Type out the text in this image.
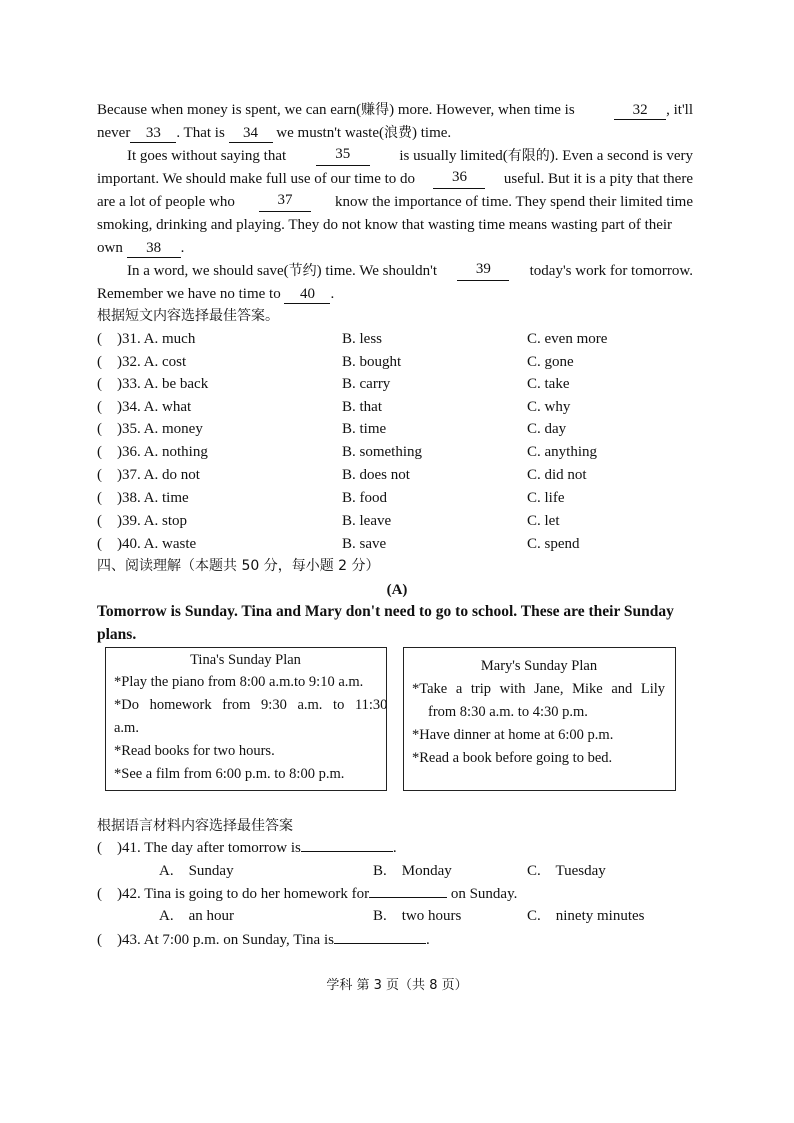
Because when money is spent, we can earn(赚得) more. However, when time is	32 , it'll
never 33 . That is 34 we mustn't waste(浪费) time.
It goes without saying that	35	is usually limited(有限的). Even a second is very
important. We should make full use of our time to do	36	useful. But it is a pity that there
are a lot of people who	37	know the importance of time. They spend their limited time
smoking, drinking and playing. They do not know that wasting time means wasting part of their
own 38 .
In a word, we should save(节约) time. We shouldn't	39	today's work for tomorrow.
Remember we have no time to 40 .
根据短文内容选择最佳答案。
(    )31. A. much	B. less	C. even more
(    )32. A. cost	B. bought	C. gone
(    )33. A. be back	B. carry	C. take
(    )34. A. what	B. that	C. why
(    )35. A. money	B. time	C. day
(    )36. A. nothing	B. something	C. anything
(    )37. A. do not	B. does not	C. did not
(    )38. A. time	B. food	C. life
(    )39. A. stop	B. leave	C. let
(    )40. A. waste	B. save	C. spend
四、阅读理解（本题共 50 分，每小题 2 分）
(A)
Tomorrow is Sunday. Tina and Mary don't need to go to school. These are their Sunday
plans.
Tina's Sunday Plan
*Play the piano from 8:00 a.m.to 9:10 a.m.
*Do homework from 9:30 a.m. to 11:30
a.m.
*Read books for two hours.
*See a film from 6:00 p.m. to 8:00 p.m.
Mary's Sunday Plan
*Take a trip with Jane, Mike and Lily
from 8:30 a.m. to 4:30 p.m.
*Have dinner at home at 6:00 p.m.
*Read a book before going to bed.
根据语言材料内容选择最佳答案
(    )41. The day after tomorrow is	.
A.    Sunday	B.    Monday	C.    Tuesday
(    )42. Tina is going to do her homework for	on Sunday.
A.    an hour	B.    two hours	C.    ninety minutes
(    )43. At 7:00 p.m. on Sunday, Tina is	.
学科 第 3 页（共 8 页）
